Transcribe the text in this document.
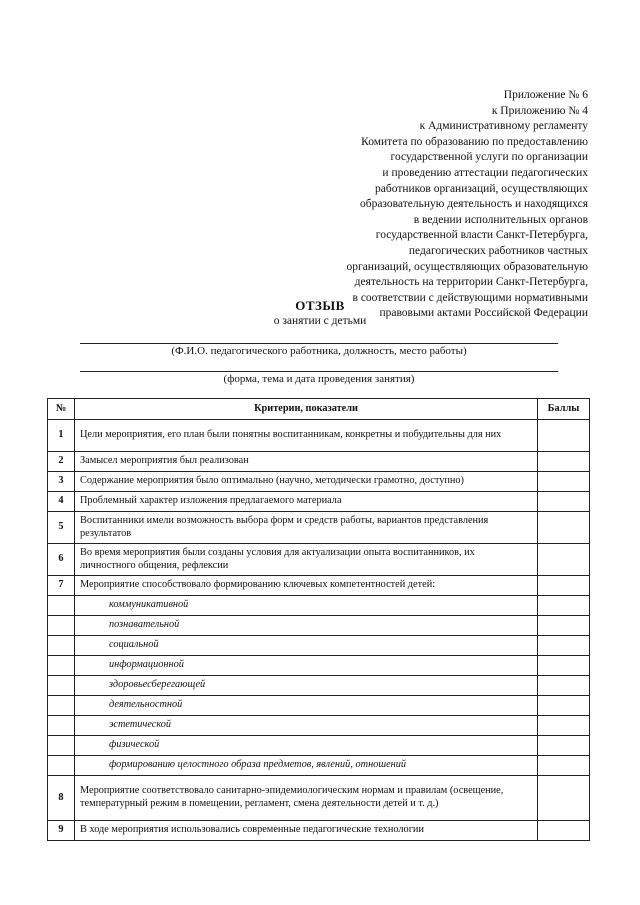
Приложение № 6
к Приложению № 4
к Административному регламенту
Комитета по образованию по предоставлению
государственной услуги по организации
и проведению аттестации педагогических
работников организаций, осуществляющих
образовательную деятельность и находящихся
в ведении исполнительных органов
государственной власти Санкт-Петербурга,
педагогических работников частных
организаций, осуществляющих образовательную
деятельность на территории Санкт-Петербурга,
в соответствии с действующими нормативными
правовыми актами Российской Федерации
ОТЗЫВ
о занятии с детьми
(Ф.И.О. педагогического работника, должность, место работы)
(форма, тема и дата проведения занятия)
№	Критерии, показатели	Баллы
1	Цели мероприятия, его план были понятны воспитанникам, конкретны и побудительны для них	
2	Замысел мероприятия был реализован	
3	Содержание мероприятия было оптимально (научно, методически грамотно, доступно)	
4	Проблемный характер изложения предлагаемого материала	
5	Воспитанники имели возможность выбора форм и средств работы, вариантов представления результатов	
6	Во время мероприятия были созданы условия для актуализации опыта воспитанников, их личностного общения, рефлексии	
7	Мероприятие способствовало формированию ключевых компетентностей детей:	
	коммуникативной	
	познавательной	
	социальной	
	информационной	
	здоровьесберегающей	
	деятельностной	
	эстетической	
	физической	
	формированию целостного образа предметов, явлений, отношений	
8	Мероприятие соответствовало санитарно-эпидемиологическим нормам и правилам (освещение, температурный режим в помещении, регламент, смена деятельности детей и т. д.)	
9	В ходе мероприятия использовались современные педагогические технологии	
